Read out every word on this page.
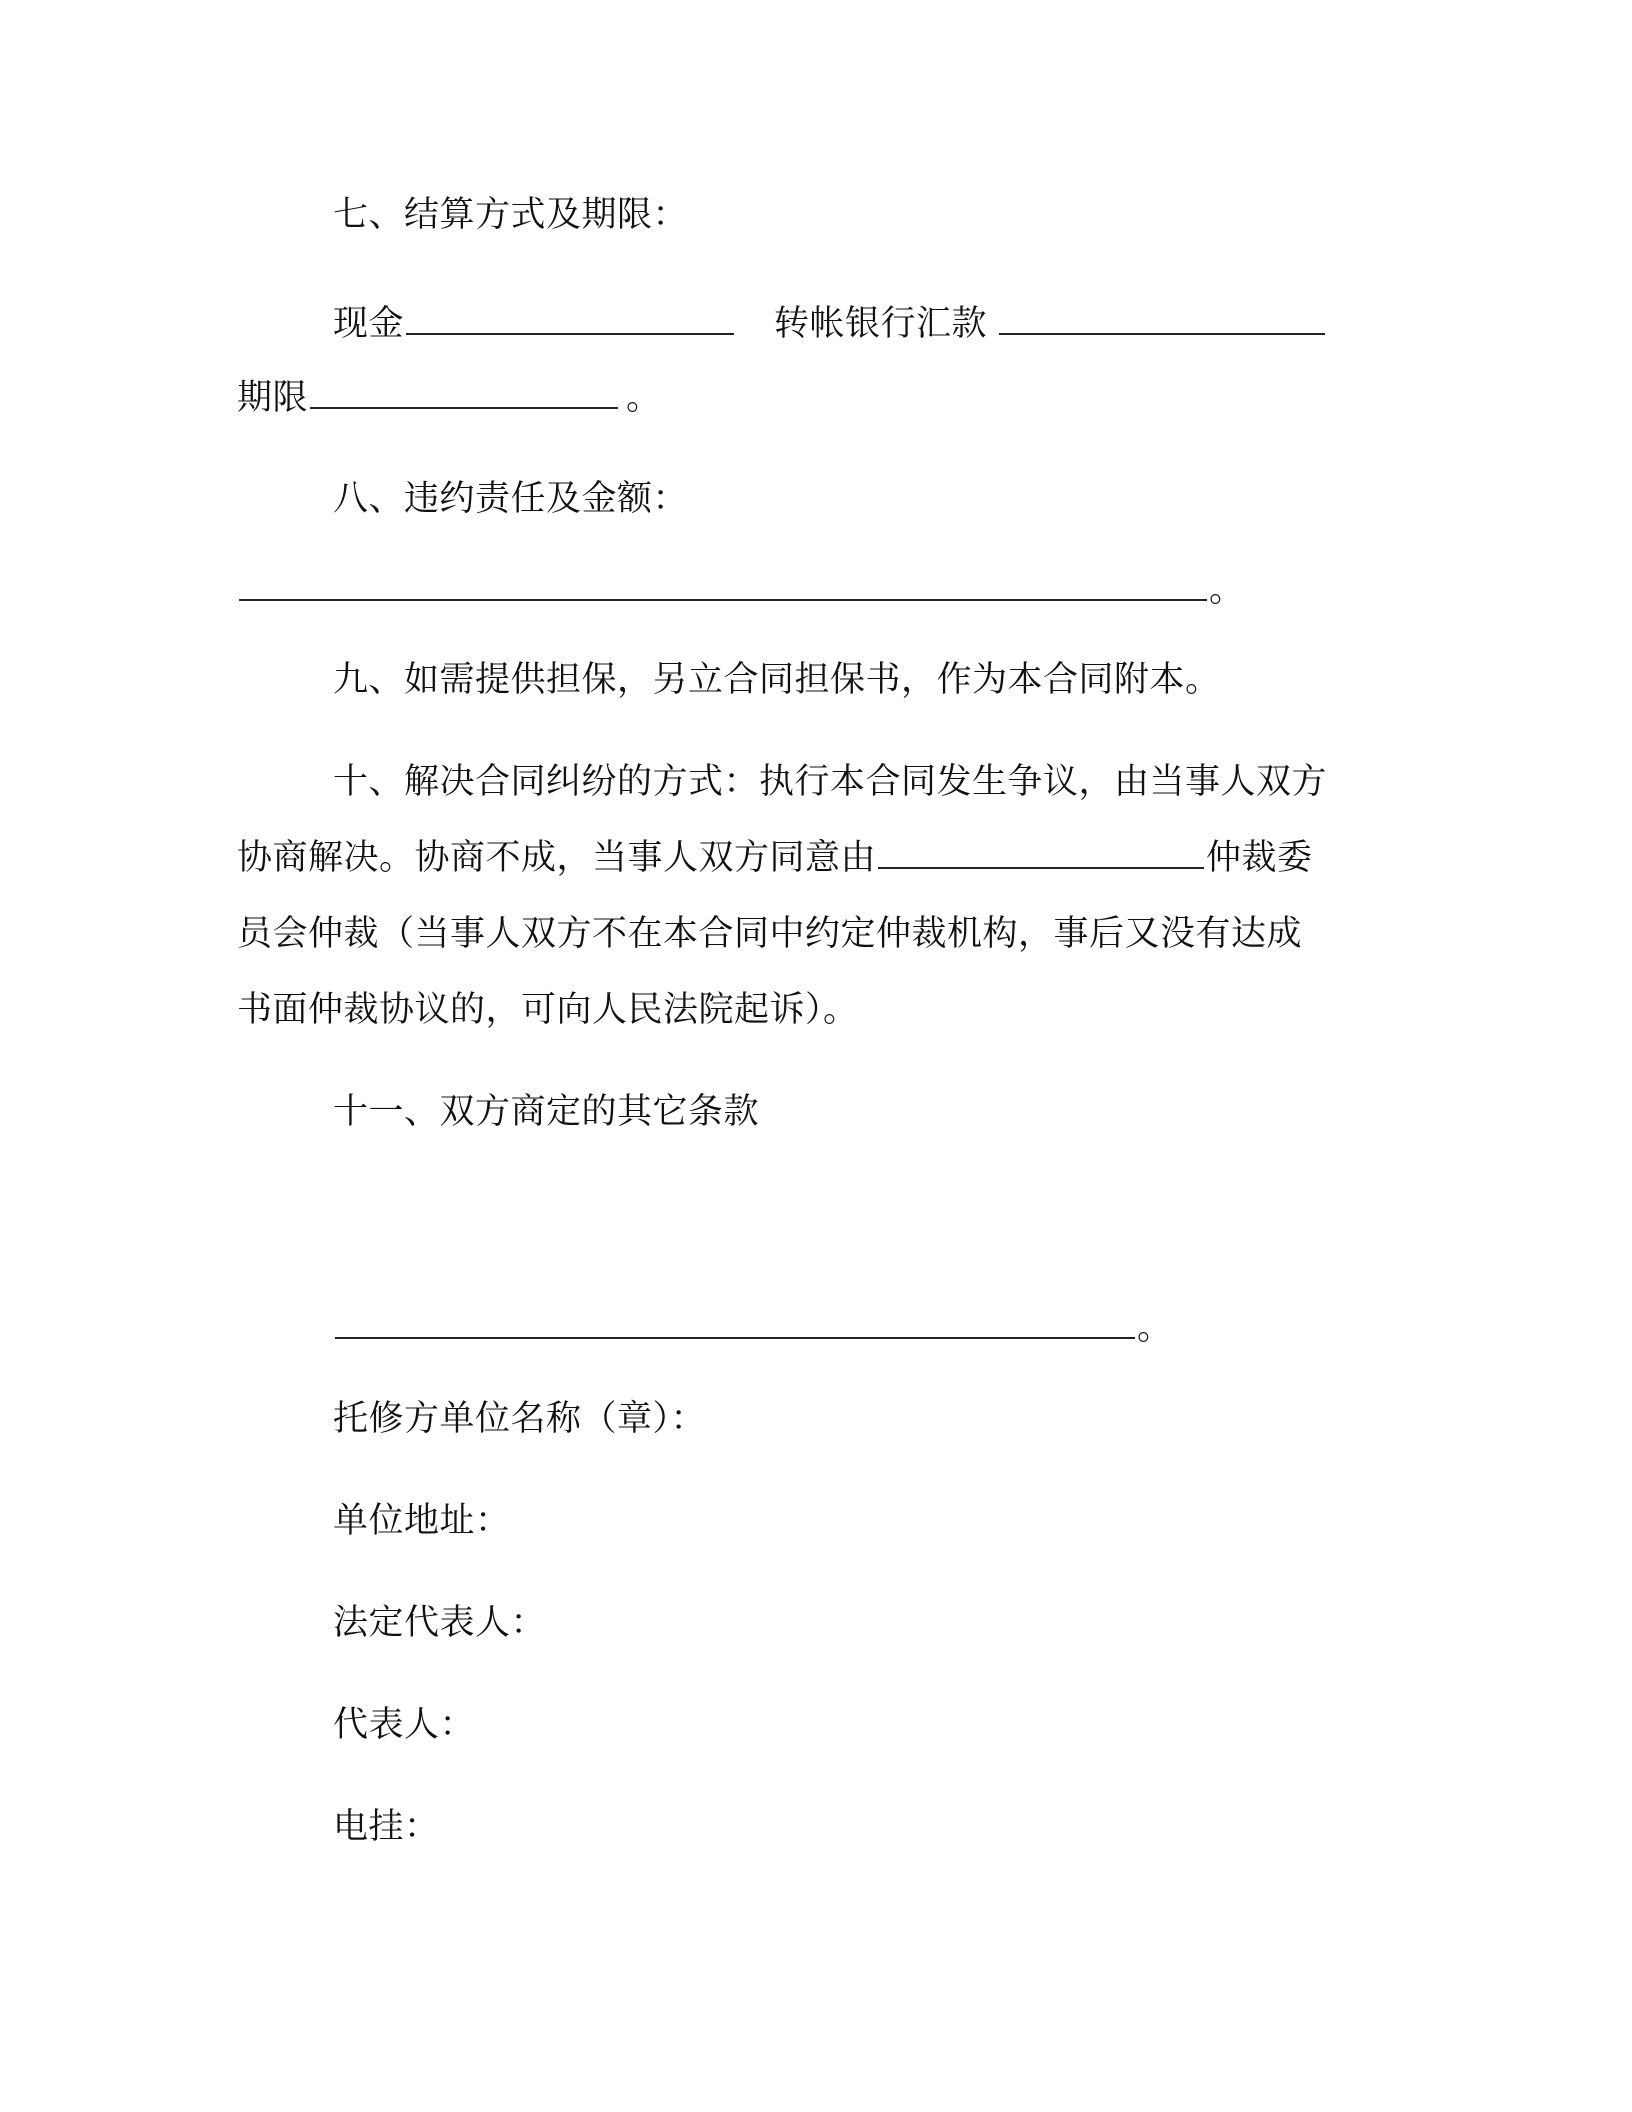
七、结算方式及期限：
现金	转帐银行汇款
期限	。
八、违约责任及金额：
。
九、如需提供担保，另立合同担保书，作为本合同附本。
十、解决合同纠纷的方式：执行本合同发生争议，由当事人双方
协商解决。协商不成，当事人双方同意由	仲裁委
员会仲裁（当事人双方不在本合同中约定仲裁机构，事后又没有达成
书面仲裁协议的，可向人民法院起诉）。
十一、双方商定的其它条款
。
托修方单位名称（章）：
单位地址：
法定代表人：
代表人：
电挂：
